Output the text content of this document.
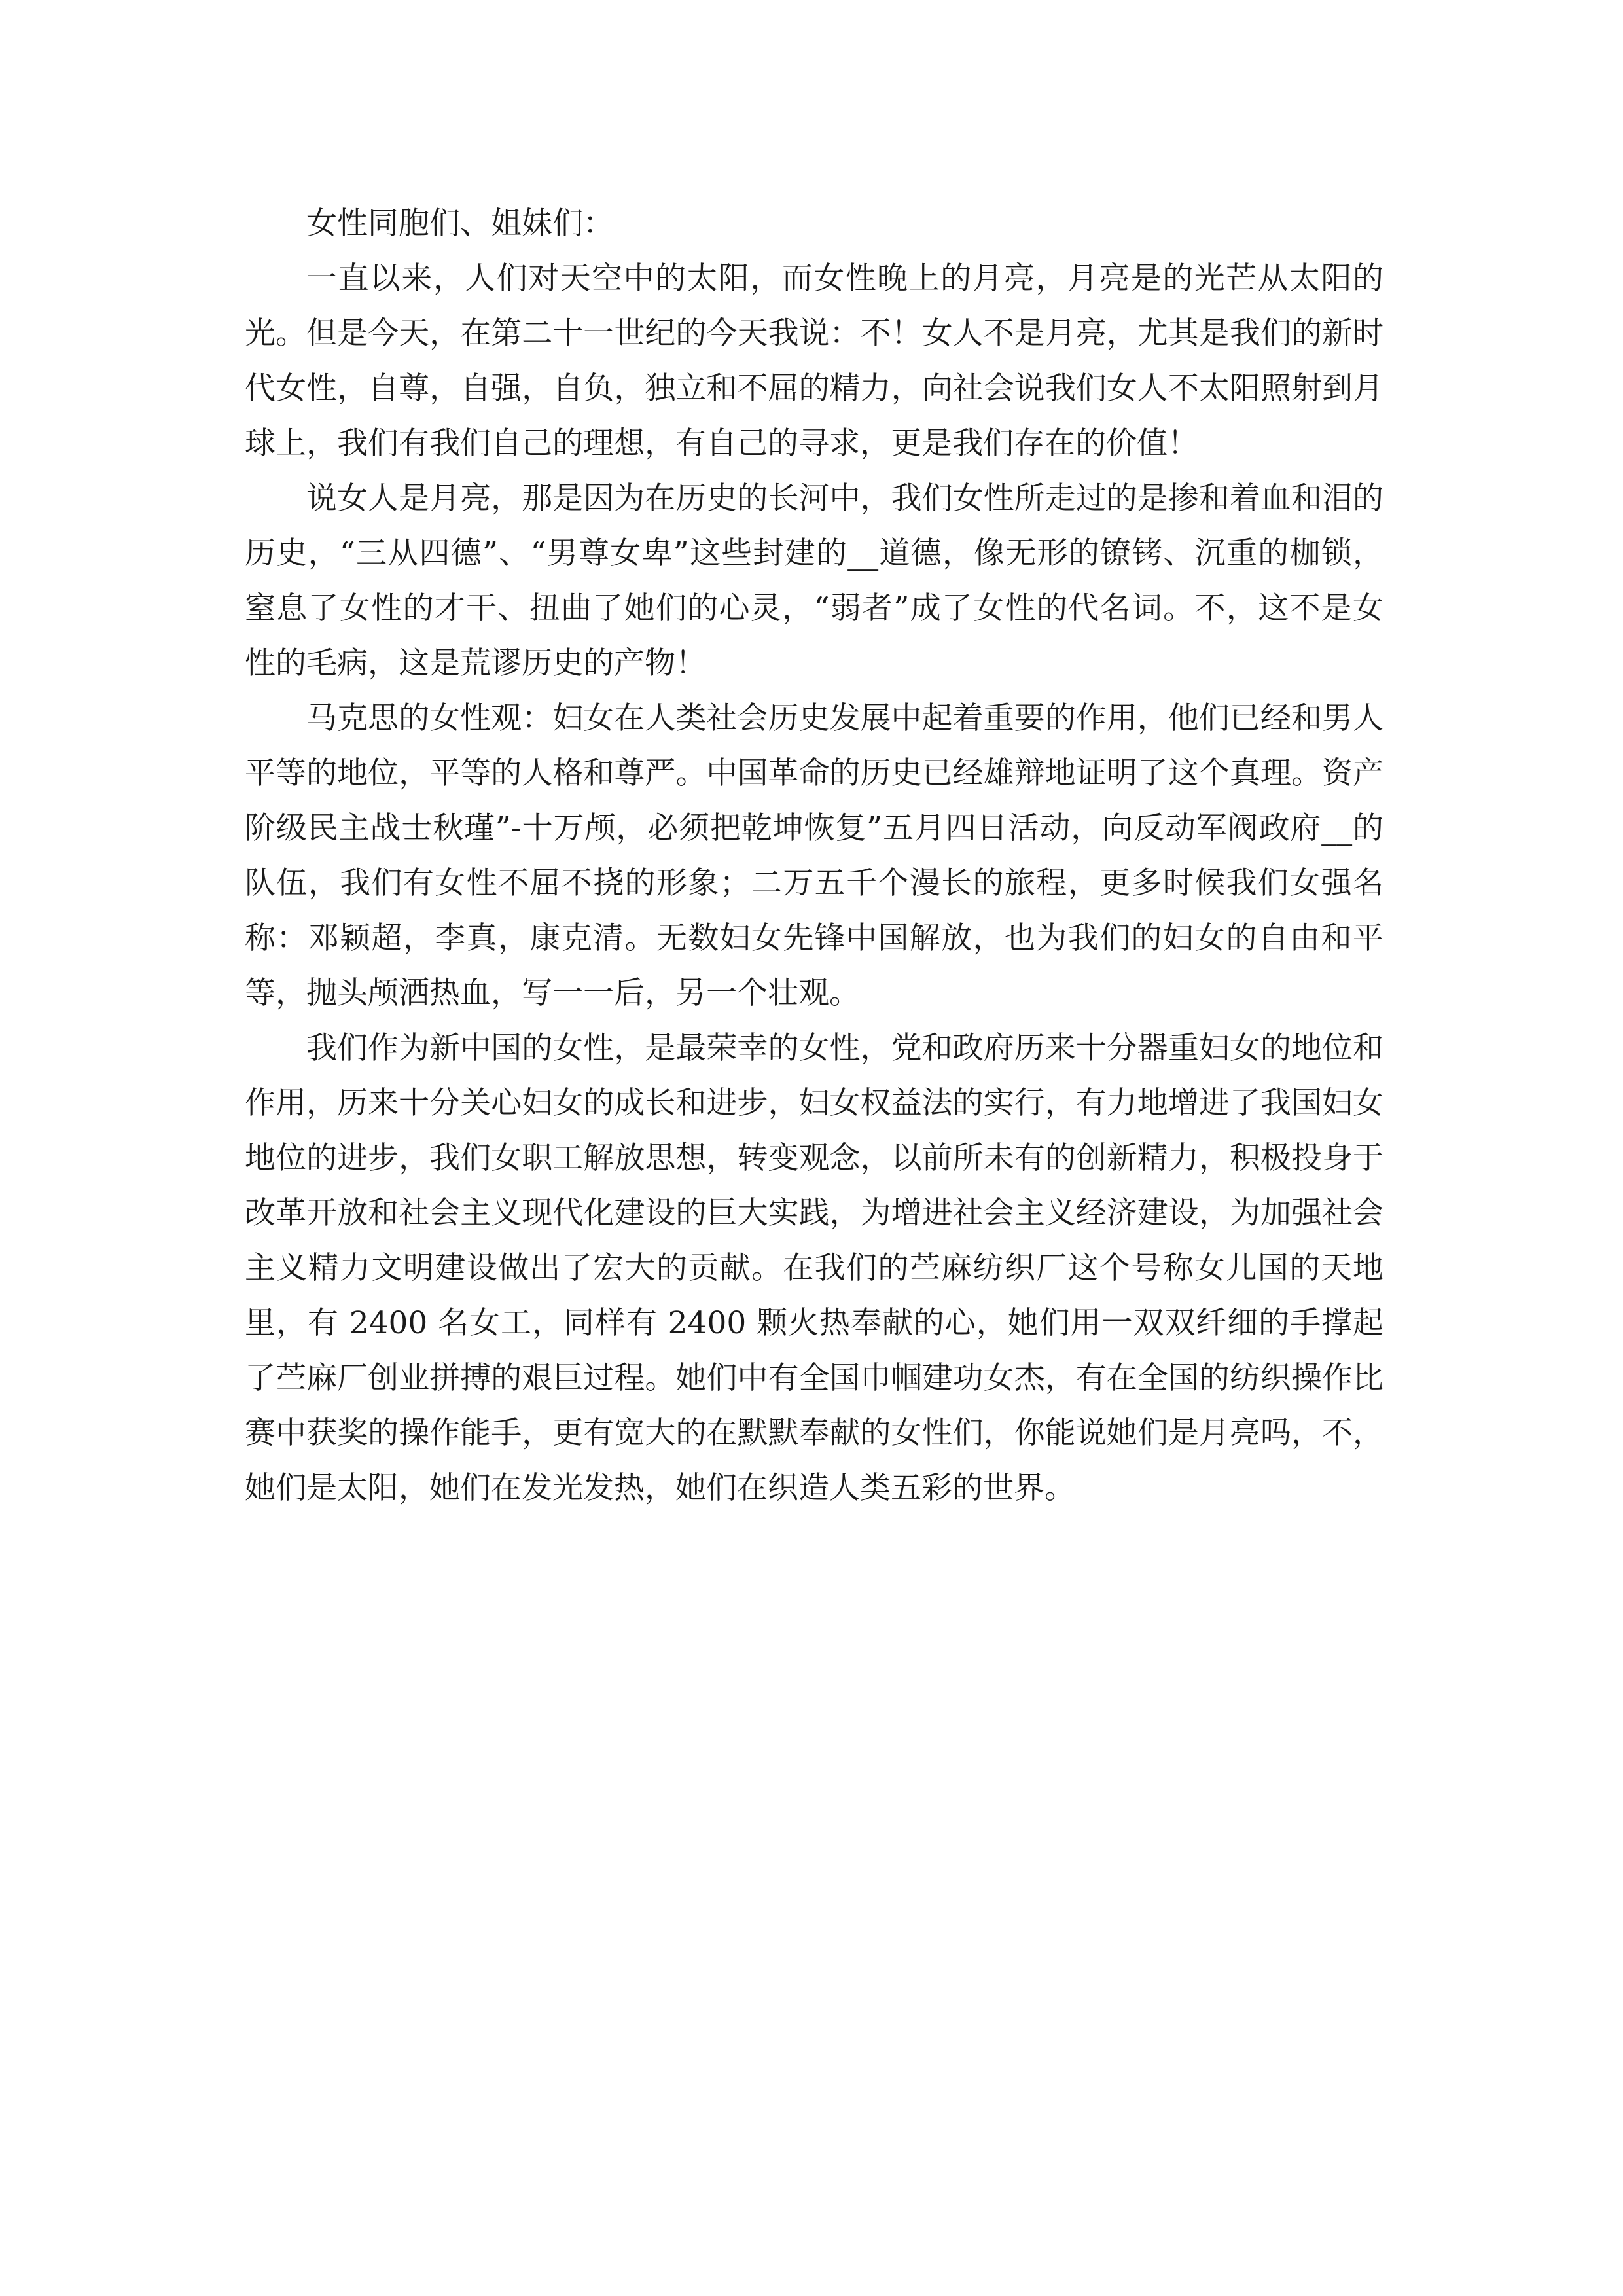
女性同胞们、姐妹们：

一直以来，人们对天空中的太阳，而女性晚上的月亮，月亮是的光芒从太阳的光。但是今天，在第二十一世纪的今天我说：不！女人不是月亮，尤其是我们的新时代女性，自尊，自强，自负，独立和不屈的精力，向社会说我们女人不太阳照射到月球上，我们有我们自己的理想，有自己的寻求，更是我们存在的价值！

说女人是月亮，那是因为在历史的长河中，我们女性所走过的是掺和着血和泪的历史，“三从四德”、“男尊女卑”这些封建的__道德，像无形的镣铐、沉重的枷锁，窒息了女性的才干、扭曲了她们的心灵，“弱者”成了女性的代名词。不，这不是女性的毛病，这是荒谬历史的产物！

马克思的女性观：妇女在人类社会历史发展中起着重要的作用，他们已经和男人平等的地位，平等的人格和尊严。中国革命的历史已经雄辩地证明了这个真理。资产阶级民主战士秋瑾”-十万颅，必须把乾坤恢复”五月四日活动，向反动军阀政府__的队伍，我们有女性不屈不挠的形象；二万五千个漫长的旅程，更多时候我们女强名称：邓颖超，李真，康克清。无数妇女先锋中国解放，也为我们的妇女的自由和平等，抛头颅洒热血，写一一后，另一个壮观。

我们作为新中国的女性，是最荣幸的女性，党和政府历来十分器重妇女的地位和作用，历来十分关心妇女的成长和进步，妇女权益法的实行，有力地增进了我国妇女地位的进步，我们女职工解放思想，转变观念，以前所未有的创新精力，积极投身于改革开放和社会主义现代化建设的巨大实践，为增进社会主义经济建设，为加强社会主义精力文明建设做出了宏大的贡献。在我们的苎麻纺织厂这个号称女儿国的天地里，有 2400 名女工，同样有 2400 颗火热奉献的心，她们用一双双纤细的手撑起了苎麻厂创业拼搏的艰巨过程。她们中有全国巾帼建功女杰，有在全国的纺织操作比赛中获奖的操作能手，更有宽大的在默默奉献的女性们，你能说她们是月亮吗，不，她们是太阳，她们在发光发热，她们在织造人类五彩的世界。
